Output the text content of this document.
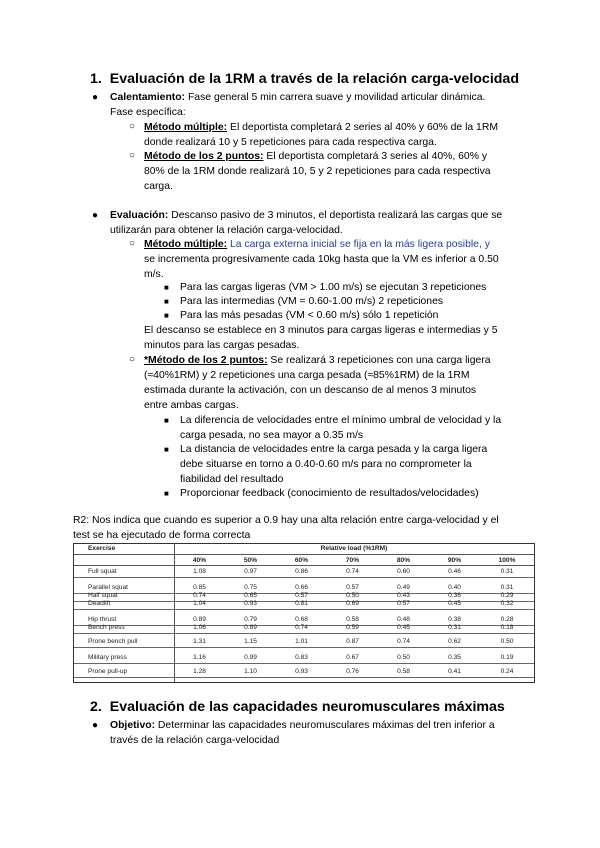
1. Evaluación de la 1RM a través de la relación carga-velocidad
● Calentamiento: Fase general 5 min carrera suave y movilidad articular dinámica.
Fase específica:
○ Método múltiple: El deportista completará 2 series al 40% y 60% de la 1RM
donde realizará 10 y 5 repeticiones para cada respectiva carga.
○ Método de los 2 puntos: El deportista completará 3 series al 40%, 60% y
80% de la 1RM donde realizará 10, 5 y 2 repeticiones para cada respectiva
carga.
● Evaluación: Descanso pasivo de 3 minutos, el deportista realizará las cargas que se
utilizarán para obtener la relación carga-velocidad.
○ Método múltiple: La carga externa inicial se fija en la más ligera posible, y
se incrementa progresivamente cada 10kg hasta que la VM es inferior a 0.50
m/s.
■ Para las cargas ligeras (VM > 1.00 m/s) se ejecutan 3 repeticiones
■ Para las intermedias (VM = 0.60-1.00 m/s) 2 repeticiones
■ Para las más pesadas (VM < 0.60 m/s) sólo 1 repetición
El descanso se establece en 3 minutos para cargas ligeras e intermedias y 5
minutos para las cargas pesadas.
○ *Método de los 2 puntos: Se realizará 3 repeticiones con una carga ligera
(≈40%1RM) y 2 repeticiones una carga pesada (≈85%1RM) de la 1RM
estimada durante la activación, con un descanso de al menos 3 minutos
entre ambas cargas.
■ La diferencia de velocidades entre el mínimo umbral de velocidad y la
carga pesada, no sea mayor a 0.35 m/s
■ La distancia de velocidades entre la carga pesada y la carga ligera
debe situarse en torno a 0.40-0.60 m/s para no comprometer la
fiabilidad del resultado
■ Proporcionar feedback (conocimiento de resultados/velocidades)
R2: Nos indica que cuando es superior a 0.9 hay una alta relación entre carga-velocidad y el
test se ha ejecutado de forma correcta
Exercise	Relative load (%1RM)
40%	50%	60%	70%	80%	90%	100%
Full squat	1.08	0.97	0.86	0.74	0.60	0.46	0.31
Parallel squat	0.85	0.75	0.66	0.57	0.49	0.40	0.31
Half squat	0.74	0.65	0.57	0.50	0.43	0.36	0.29
Deadlift	1.04	0.93	0.81	0.69	0.57	0.45	0.32
Hip thrust	0.89	0.79	0.68	0.58	0.48	0.38	0.28
Bench press	1.06	0.89	0.74	0.59	0.45	0.31	0.18
Prone bench pull	1.31	1.15	1.01	0.87	0.74	0.62	0.50
Military press	1.16	0.99	0.83	0.67	0.50	0.35	0.19
Prone pull-up	1.28	1.10	0.93	0.76	0.58	0.41	0.24
2. Evaluación de las capacidades neuromusculares máximas
● Objetivo: Determinar las capacidades neuromusculares máximas del tren inferior a
través de la relación carga-velocidad
